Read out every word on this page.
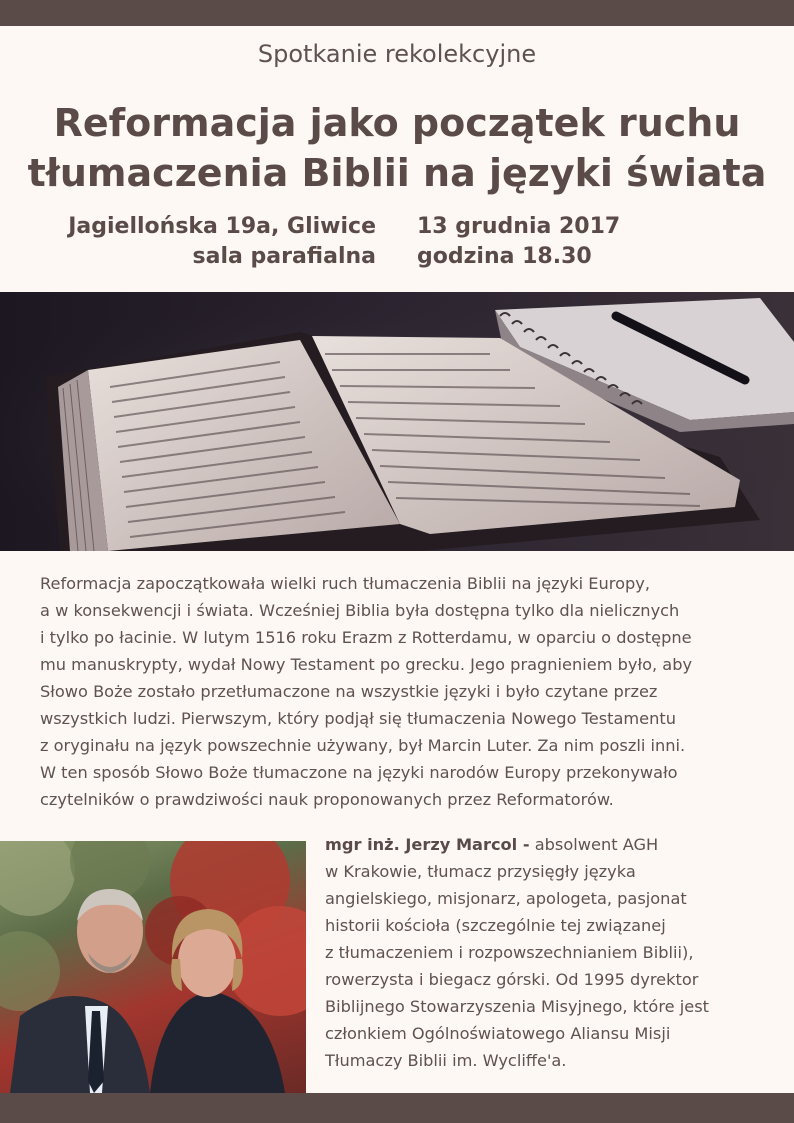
Spotkanie rekolekcyjne
Reformacja jako początek ruchu
tłumaczenia Biblii na języki świata
Jagiellońska 19a, Gliwice
sala parafialna
13 grudnia 2017
godzina 18.30
Reformacja zapoczątkowała wielki ruch tłumaczenia Biblii na języki Europy,
a w konsekwencji i świata. Wcześniej Biblia była dostępna tylko dla nielicznych
i tylko po łacinie. W lutym 1516 roku Erazm z Rotterdamu, w oparciu o dostępne
mu manuskrypty, wydał Nowy Testament po grecku. Jego pragnieniem było, aby
Słowo Boże zostało przetłumaczone na wszystkie języki i było czytane przez
wszystkich ludzi. Pierwszym, który podjął się tłumaczenia Nowego Testamentu
z oryginału na język powszechnie używany, był Marcin Luter. Za nim poszli inni.
W ten sposób Słowo Boże tłumaczone na języki narodów Europy przekonywało
czytelników o prawdziwości nauk proponowanych przez Reformatorów.
mgr inż. Jerzy Marcol - absolwent AGH
w Krakowie, tłumacz przysięgły języka
angielskiego, misjonarz, apologeta, pasjonat
historii kościoła (szczególnie tej związanej
z tłumaczeniem i rozpowszechnianiem Biblii),
rowerzysta i biegacz górski. Od 1995 dyrektor
Biblijnego Stowarzyszenia Misyjnego, które jest
członkiem Ogólnoświatowego Aliansu Misji
Tłumaczy Biblii im. Wycliffe'a.
